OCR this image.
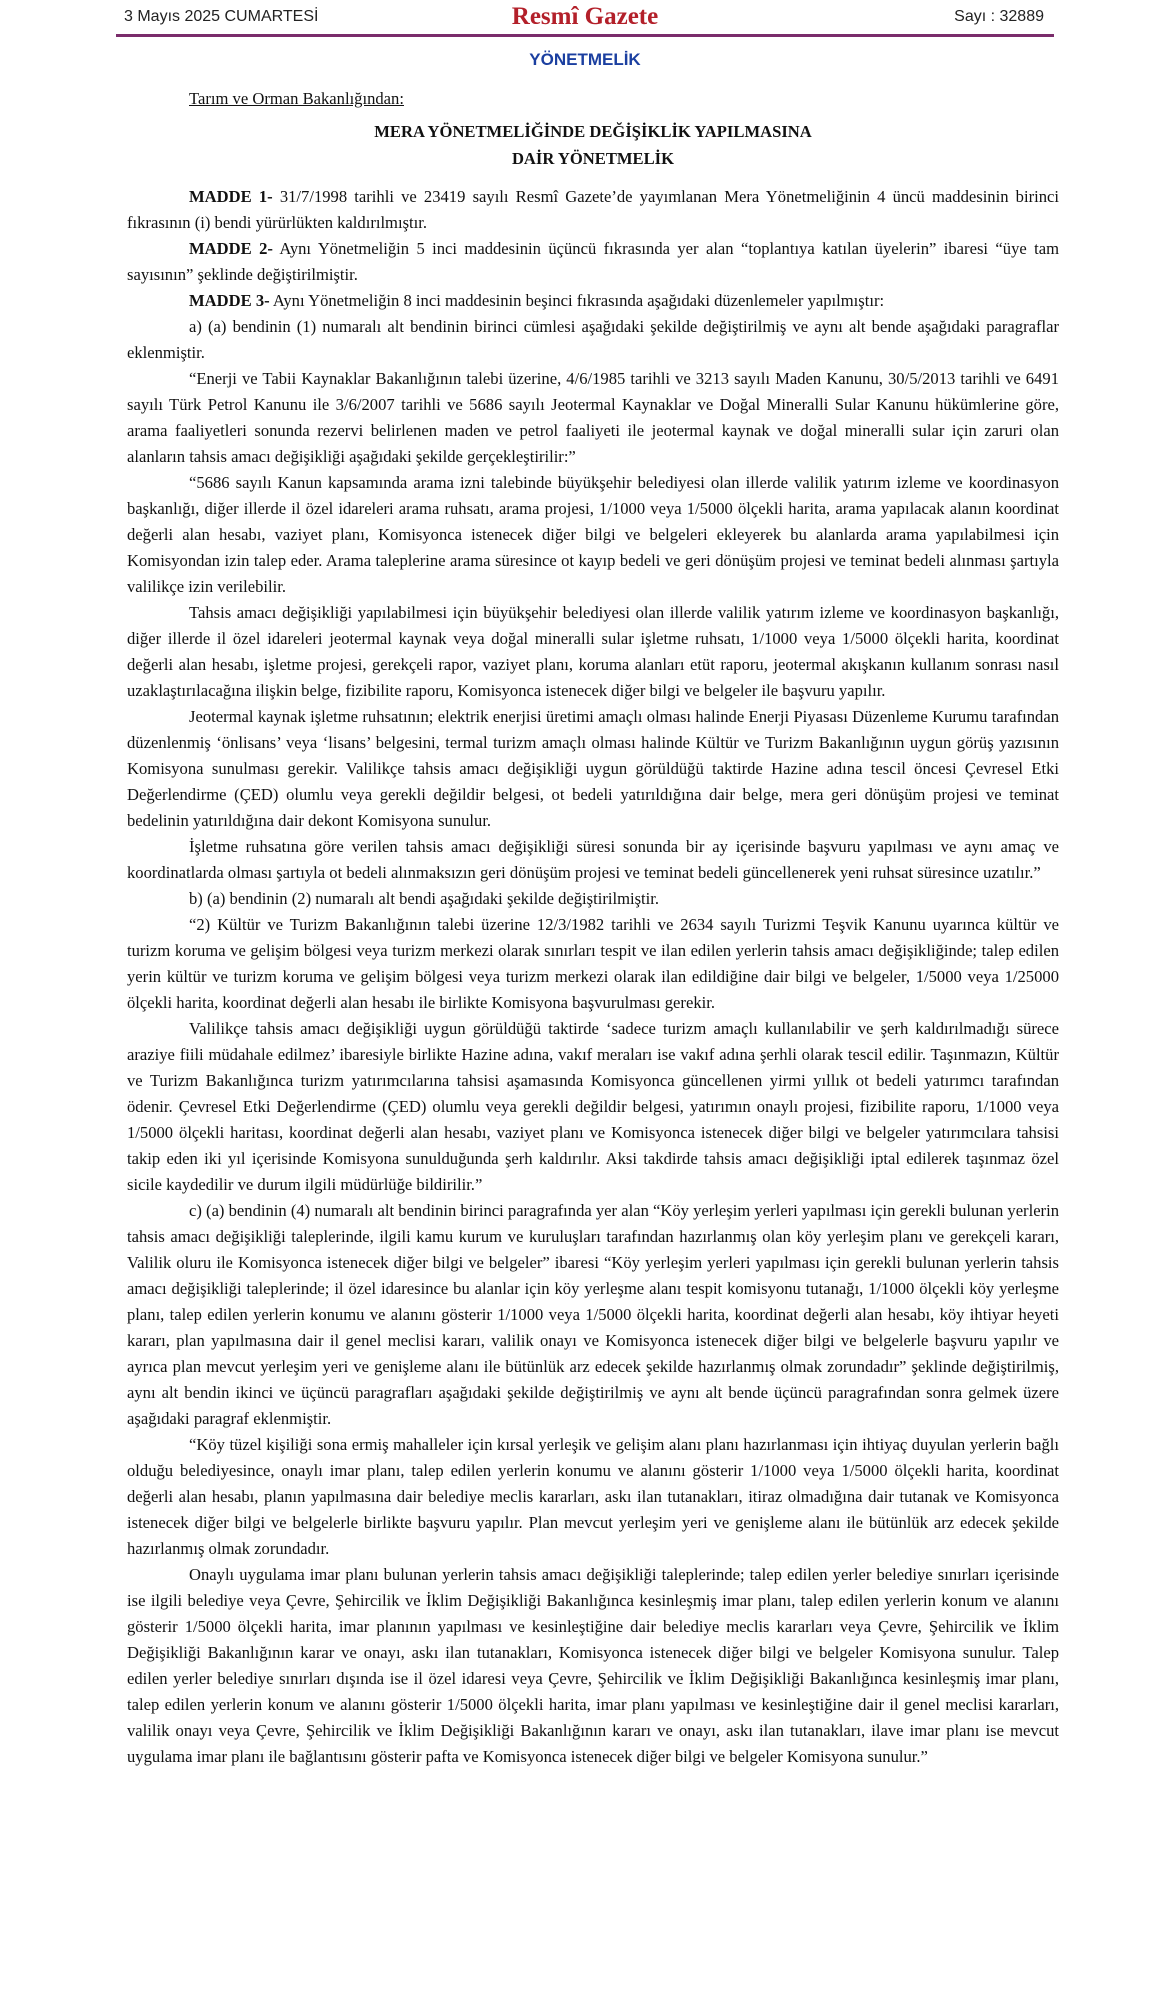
3 Mayıs 2025 CUMARTESİ	Resmî Gazete	Sayı : 32889
YÖNETMELİK
Tarım ve Orman Bakanlığından:
MERA YÖNETMELİĞİNDE DEĞİŞİKLİK YAPILMASINA
DAİR YÖNETMELİK

MADDE 1- 31/7/1998 tarihli ve 23419 sayılı Resmî Gazete’de yayımlanan Mera Yönetmeliğinin 4 üncü maddesinin birinci fıkrasının (i) bendi yürürlükten kaldırılmıştır.

MADDE 2- Aynı Yönetmeliğin 5 inci maddesinin üçüncü fıkrasında yer alan “toplantıya katılan üyelerin” ibaresi “üye tam sayısının” şeklinde değiştirilmiştir.

MADDE 3- Aynı Yönetmeliğin 8 inci maddesinin beşinci fıkrasında aşağıdaki düzenlemeler yapılmıştır:

a) (a) bendinin (1) numaralı alt bendinin birinci cümlesi aşağıdaki şekilde değiştirilmiş ve aynı alt bende aşağıdaki paragraflar eklenmiştir.

“Enerji ve Tabii Kaynaklar Bakanlığının talebi üzerine, 4/6/1985 tarihli ve 3213 sayılı Maden Kanunu, 30/5/2013 tarihli ve 6491 sayılı Türk Petrol Kanunu ile 3/6/2007 tarihli ve 5686 sayılı Jeotermal Kaynaklar ve Doğal Mineralli Sular Kanunu hükümlerine göre, arama faaliyetleri sonunda rezervi belirlenen maden ve petrol faaliyeti ile jeotermal kaynak ve doğal mineralli sular için zaruri olan alanların tahsis amacı değişikliği aşağıdaki şekilde gerçekleştirilir:”

“5686 sayılı Kanun kapsamında arama izni talebinde büyükşehir belediyesi olan illerde valilik yatırım izleme ve koordinasyon başkanlığı, diğer illerde il özel idareleri arama ruhsatı, arama projesi, 1/1000 veya 1/5000 ölçekli harita, arama yapılacak alanın koordinat değerli alan hesabı, vaziyet planı, Komisyonca istenecek diğer bilgi ve belgeleri ekleyerek bu alanlarda arama yapılabilmesi için Komisyondan izin talep eder. Arama taleplerine arama süresince ot kayıp bedeli ve geri dönüşüm projesi ve teminat bedeli alınması şartıyla valilikçe izin verilebilir.

Tahsis amacı değişikliği yapılabilmesi için büyükşehir belediyesi olan illerde valilik yatırım izleme ve koordinasyon başkanlığı, diğer illerde il özel idareleri jeotermal kaynak veya doğal mineralli sular işletme ruhsatı, 1/1000 veya 1/5000 ölçekli harita, koordinat değerli alan hesabı, işletme projesi, gerekçeli rapor, vaziyet planı, koruma alanları etüt raporu, jeotermal akışkanın kullanım sonrası nasıl uzaklaştırılacağına ilişkin belge, fizibilite raporu, Komisyonca istenecek diğer bilgi ve belgeler ile başvuru yapılır.

Jeotermal kaynak işletme ruhsatının; elektrik enerjisi üretimi amaçlı olması halinde Enerji Piyasası Düzenleme Kurumu tarafından düzenlenmiş ‘önlisans’ veya ‘lisans’ belgesini, termal turizm amaçlı olması halinde Kültür ve Turizm Bakanlığının uygun görüş yazısının Komisyona sunulması gerekir. Valilikçe tahsis amacı değişikliği uygun görüldüğü taktirde Hazine adına tescil öncesi Çevresel Etki Değerlendirme (ÇED) olumlu veya gerekli değildir belgesi, ot bedeli yatırıldığına dair belge, mera geri dönüşüm projesi ve teminat bedelinin yatırıldığına dair dekont Komisyona sunulur.

İşletme ruhsatına göre verilen tahsis amacı değişikliği süresi sonunda bir ay içerisinde başvuru yapılması ve aynı amaç ve koordinatlarda olması şartıyla ot bedeli alınmaksızın geri dönüşüm projesi ve teminat bedeli güncellenerek yeni ruhsat süresince uzatılır.”

b) (a) bendinin (2) numaralı alt bendi aşağıdaki şekilde değiştirilmiştir.

“2) Kültür ve Turizm Bakanlığının talebi üzerine 12/3/1982 tarihli ve 2634 sayılı Turizmi Teşvik Kanunu uyarınca kültür ve turizm koruma ve gelişim bölgesi veya turizm merkezi olarak sınırları tespit ve ilan edilen yerlerin tahsis amacı değişikliğinde; talep edilen yerin kültür ve turizm koruma ve gelişim bölgesi veya turizm merkezi olarak ilan edildiğine dair bilgi ve belgeler, 1/5000 veya 1/25000 ölçekli harita, koordinat değerli alan hesabı ile birlikte Komisyona başvurulması gerekir.

Valilikçe tahsis amacı değişikliği uygun görüldüğü taktirde ‘sadece turizm amaçlı kullanılabilir ve şerh kaldırılmadığı sürece araziye fiili müdahale edilmez’ ibaresiyle birlikte Hazine adına, vakıf meraları ise vakıf adına şerhli olarak tescil edilir. Taşınmazın, Kültür ve Turizm Bakanlığınca turizm yatırımcılarına tahsisi aşamasında Komisyonca güncellenen yirmi yıllık ot bedeli yatırımcı tarafından ödenir. Çevresel Etki Değerlendirme (ÇED) olumlu veya gerekli değildir belgesi, yatırımın onaylı projesi, fizibilite raporu, 1/1000 veya 1/5000 ölçekli haritası, koordinat değerli alan hesabı, vaziyet planı ve Komisyonca istenecek diğer bilgi ve belgeler yatırımcılara tahsisi takip eden iki yıl içerisinde Komisyona sunulduğunda şerh kaldırılır. Aksi takdirde tahsis amacı değişikliği iptal edilerek taşınmaz özel sicile kaydedilir ve durum ilgili müdürlüğe bildirilir.”

c) (a) bendinin (4) numaralı alt bendinin birinci paragrafında yer alan “Köy yerleşim yerleri yapılması için gerekli bulunan yerlerin tahsis amacı değişikliği taleplerinde, ilgili kamu kurum ve kuruluşları tarafından hazırlanmış olan köy yerleşim planı ve gerekçeli kararı, Valilik oluru ile Komisyonca istenecek diğer bilgi ve belgeler” ibaresi “Köy yerleşim yerleri yapılması için gerekli bulunan yerlerin tahsis amacı değişikliği taleplerinde; il özel idaresince bu alanlar için köy yerleşme alanı tespit komisyonu tutanağı, 1/1000 ölçekli köy yerleşme planı, talep edilen yerlerin konumu ve alanını gösterir 1/1000 veya 1/5000 ölçekli harita, koordinat değerli alan hesabı, köy ihtiyar heyeti kararı, plan yapılmasına dair il genel meclisi kararı, valilik onayı ve Komisyonca istenecek diğer bilgi ve belgelerle başvuru yapılır ve ayrıca plan mevcut yerleşim yeri ve genişleme alanı ile bütünlük arz edecek şekilde hazırlanmış olmak zorundadır” şeklinde değiştirilmiş, aynı alt bendin ikinci ve üçüncü paragrafları aşağıdaki şekilde değiştirilmiş ve aynı alt bende üçüncü paragrafından sonra gelmek üzere aşağıdaki paragraf eklenmiştir.

“Köy tüzel kişiliği sona ermiş mahalleler için kırsal yerleşik ve gelişim alanı planı hazırlanması için ihtiyaç duyulan yerlerin bağlı olduğu belediyesince, onaylı imar planı, talep edilen yerlerin konumu ve alanını gösterir 1/1000 veya 1/5000 ölçekli harita, koordinat değerli alan hesabı, planın yapılmasına dair belediye meclis kararları, askı ilan tutanakları, itiraz olmadığına dair tutanak ve Komisyonca istenecek diğer bilgi ve belgelerle birlikte başvuru yapılır. Plan mevcut yerleşim yeri ve genişleme alanı ile bütünlük arz edecek şekilde hazırlanmış olmak zorundadır.

Onaylı uygulama imar planı bulunan yerlerin tahsis amacı değişikliği taleplerinde; talep edilen yerler belediye sınırları içerisinde ise ilgili belediye veya Çevre, Şehircilik ve İklim Değişikliği Bakanlığınca kesinleşmiş imar planı, talep edilen yerlerin konum ve alanını gösterir 1/5000 ölçekli harita, imar planının yapılması ve kesinleştiğine dair belediye meclis kararları veya Çevre, Şehircilik ve İklim Değişikliği Bakanlığının karar ve onayı, askı ilan tutanakları, Komisyonca istenecek diğer bilgi ve belgeler Komisyona sunulur. Talep edilen yerler belediye sınırları dışında ise il özel idaresi veya Çevre, Şehircilik ve İklim Değişikliği Bakanlığınca kesinleşmiş imar planı, talep edilen yerlerin konum ve alanını gösterir 1/5000 ölçekli harita, imar planı yapılması ve kesinleştiğine dair il genel meclisi kararları, valilik onayı veya Çevre, Şehircilik ve İklim Değişikliği Bakanlığının kararı ve onayı, askı ilan tutanakları, ilave imar planı ise mevcut uygulama imar planı ile bağlantısını gösterir pafta ve Komisyonca istenecek diğer bilgi ve belgeler Komisyona sunulur.”
